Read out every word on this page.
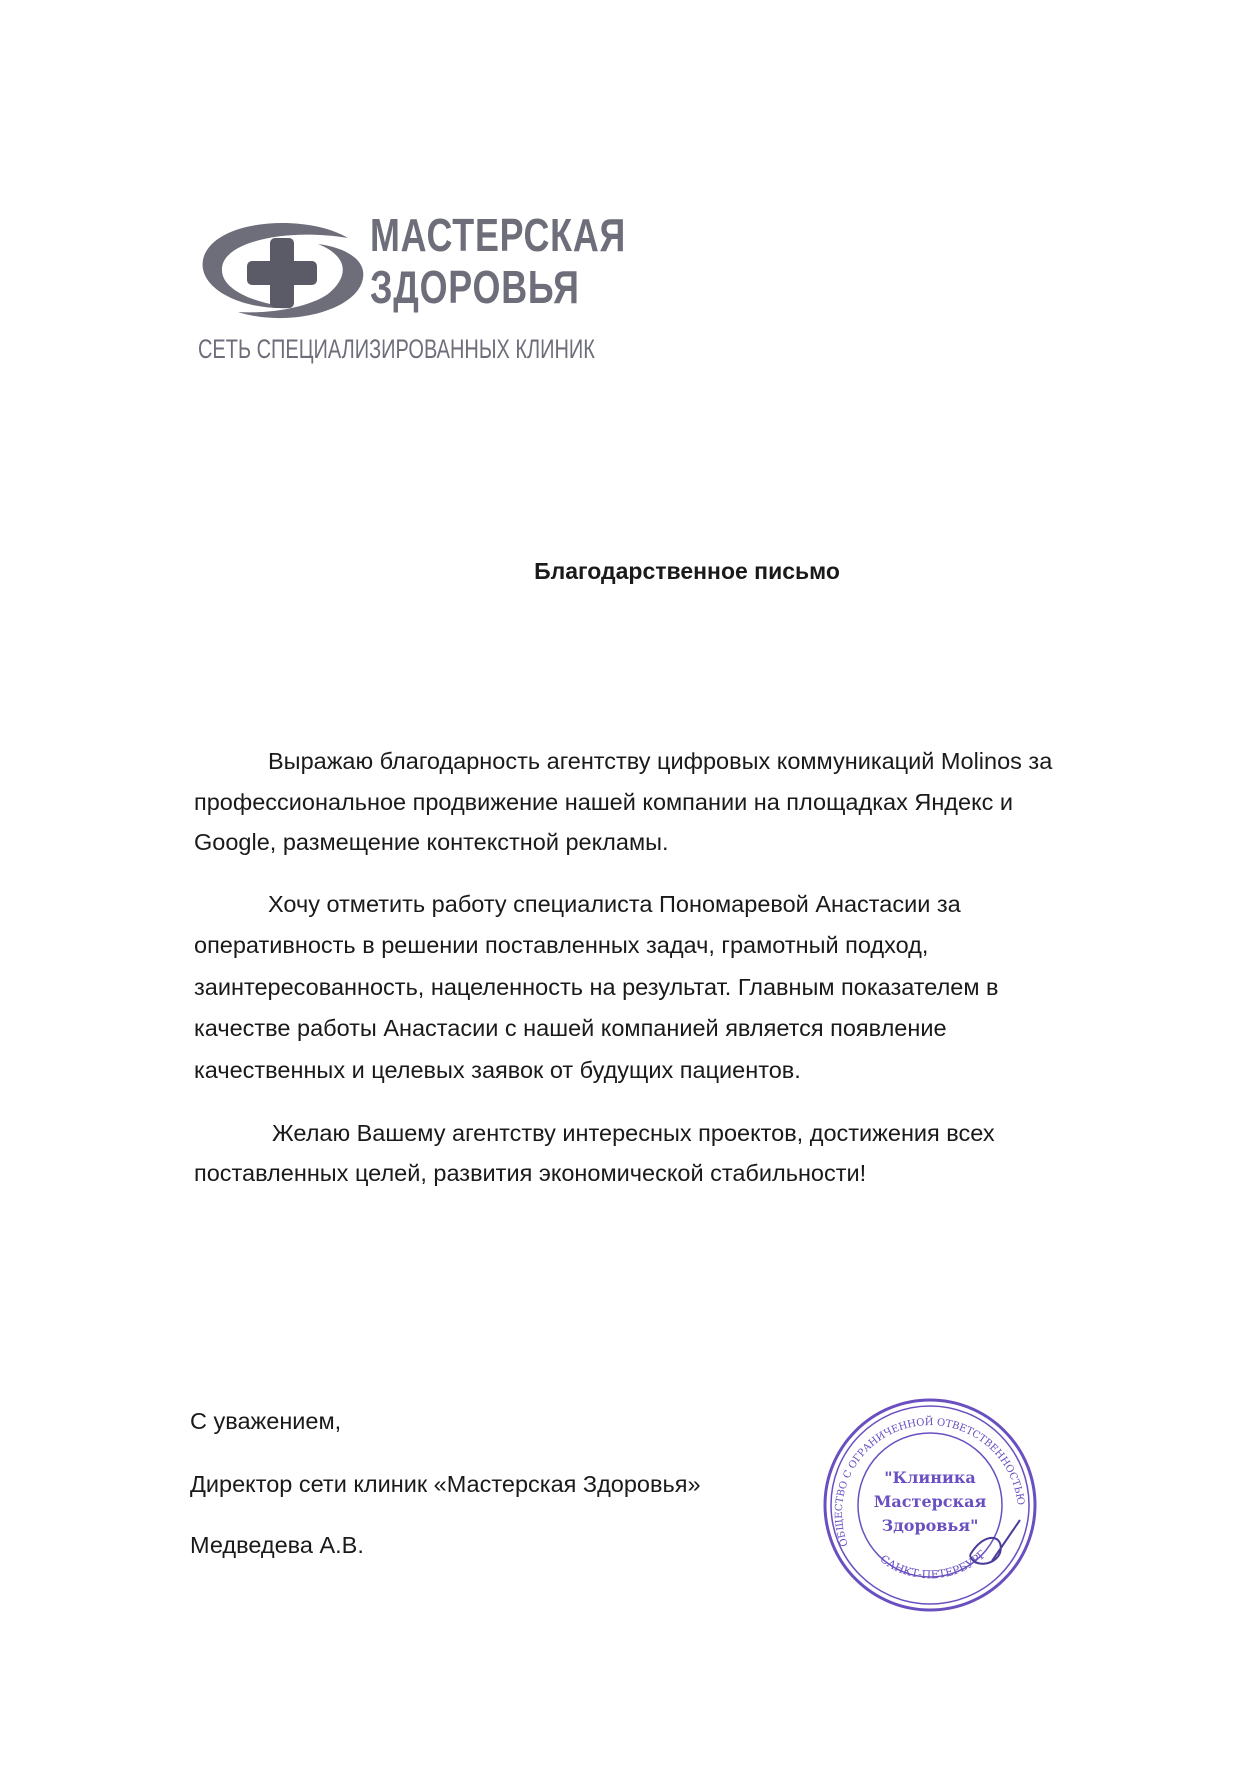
МАСТЕРСКАЯ
ЗДОРОВЬЯ
СЕТЬ СПЕЦИАЛИЗИРОВАННЫХ КЛИНИК
Благодарственное письмо
Выражаю благодарность агентству цифровых коммуникаций Molinos за
профессиональное продвижение нашей компании на площадках Яндекс и
Google, размещение контекстной рекламы.
Хочу отметить работу специалиста Пономаревой Анастасии за
оперативность в решении поставленных задач, грамотный подход,
заинтересованность, нацеленность на результат. Главным показателем в
качестве работы Анастасии с нашей компанией является появление
качественных и целевых заявок от будущих пациентов.
Желаю Вашему агентству интересных проектов, достижения всех
поставленных целей, развития экономической стабильности!
С уважением,
Директор сети клиник «Мастерская Здоровья»
Медведева А.В.	ОБЩЕСТВО С ОГРАНИЧЕННОЙ ОТВЕТСТВЕННОСТЬЮ
САНКТ-ПЕТЕРБУРГ
"Клиника
Мастерская
Здоровья"
